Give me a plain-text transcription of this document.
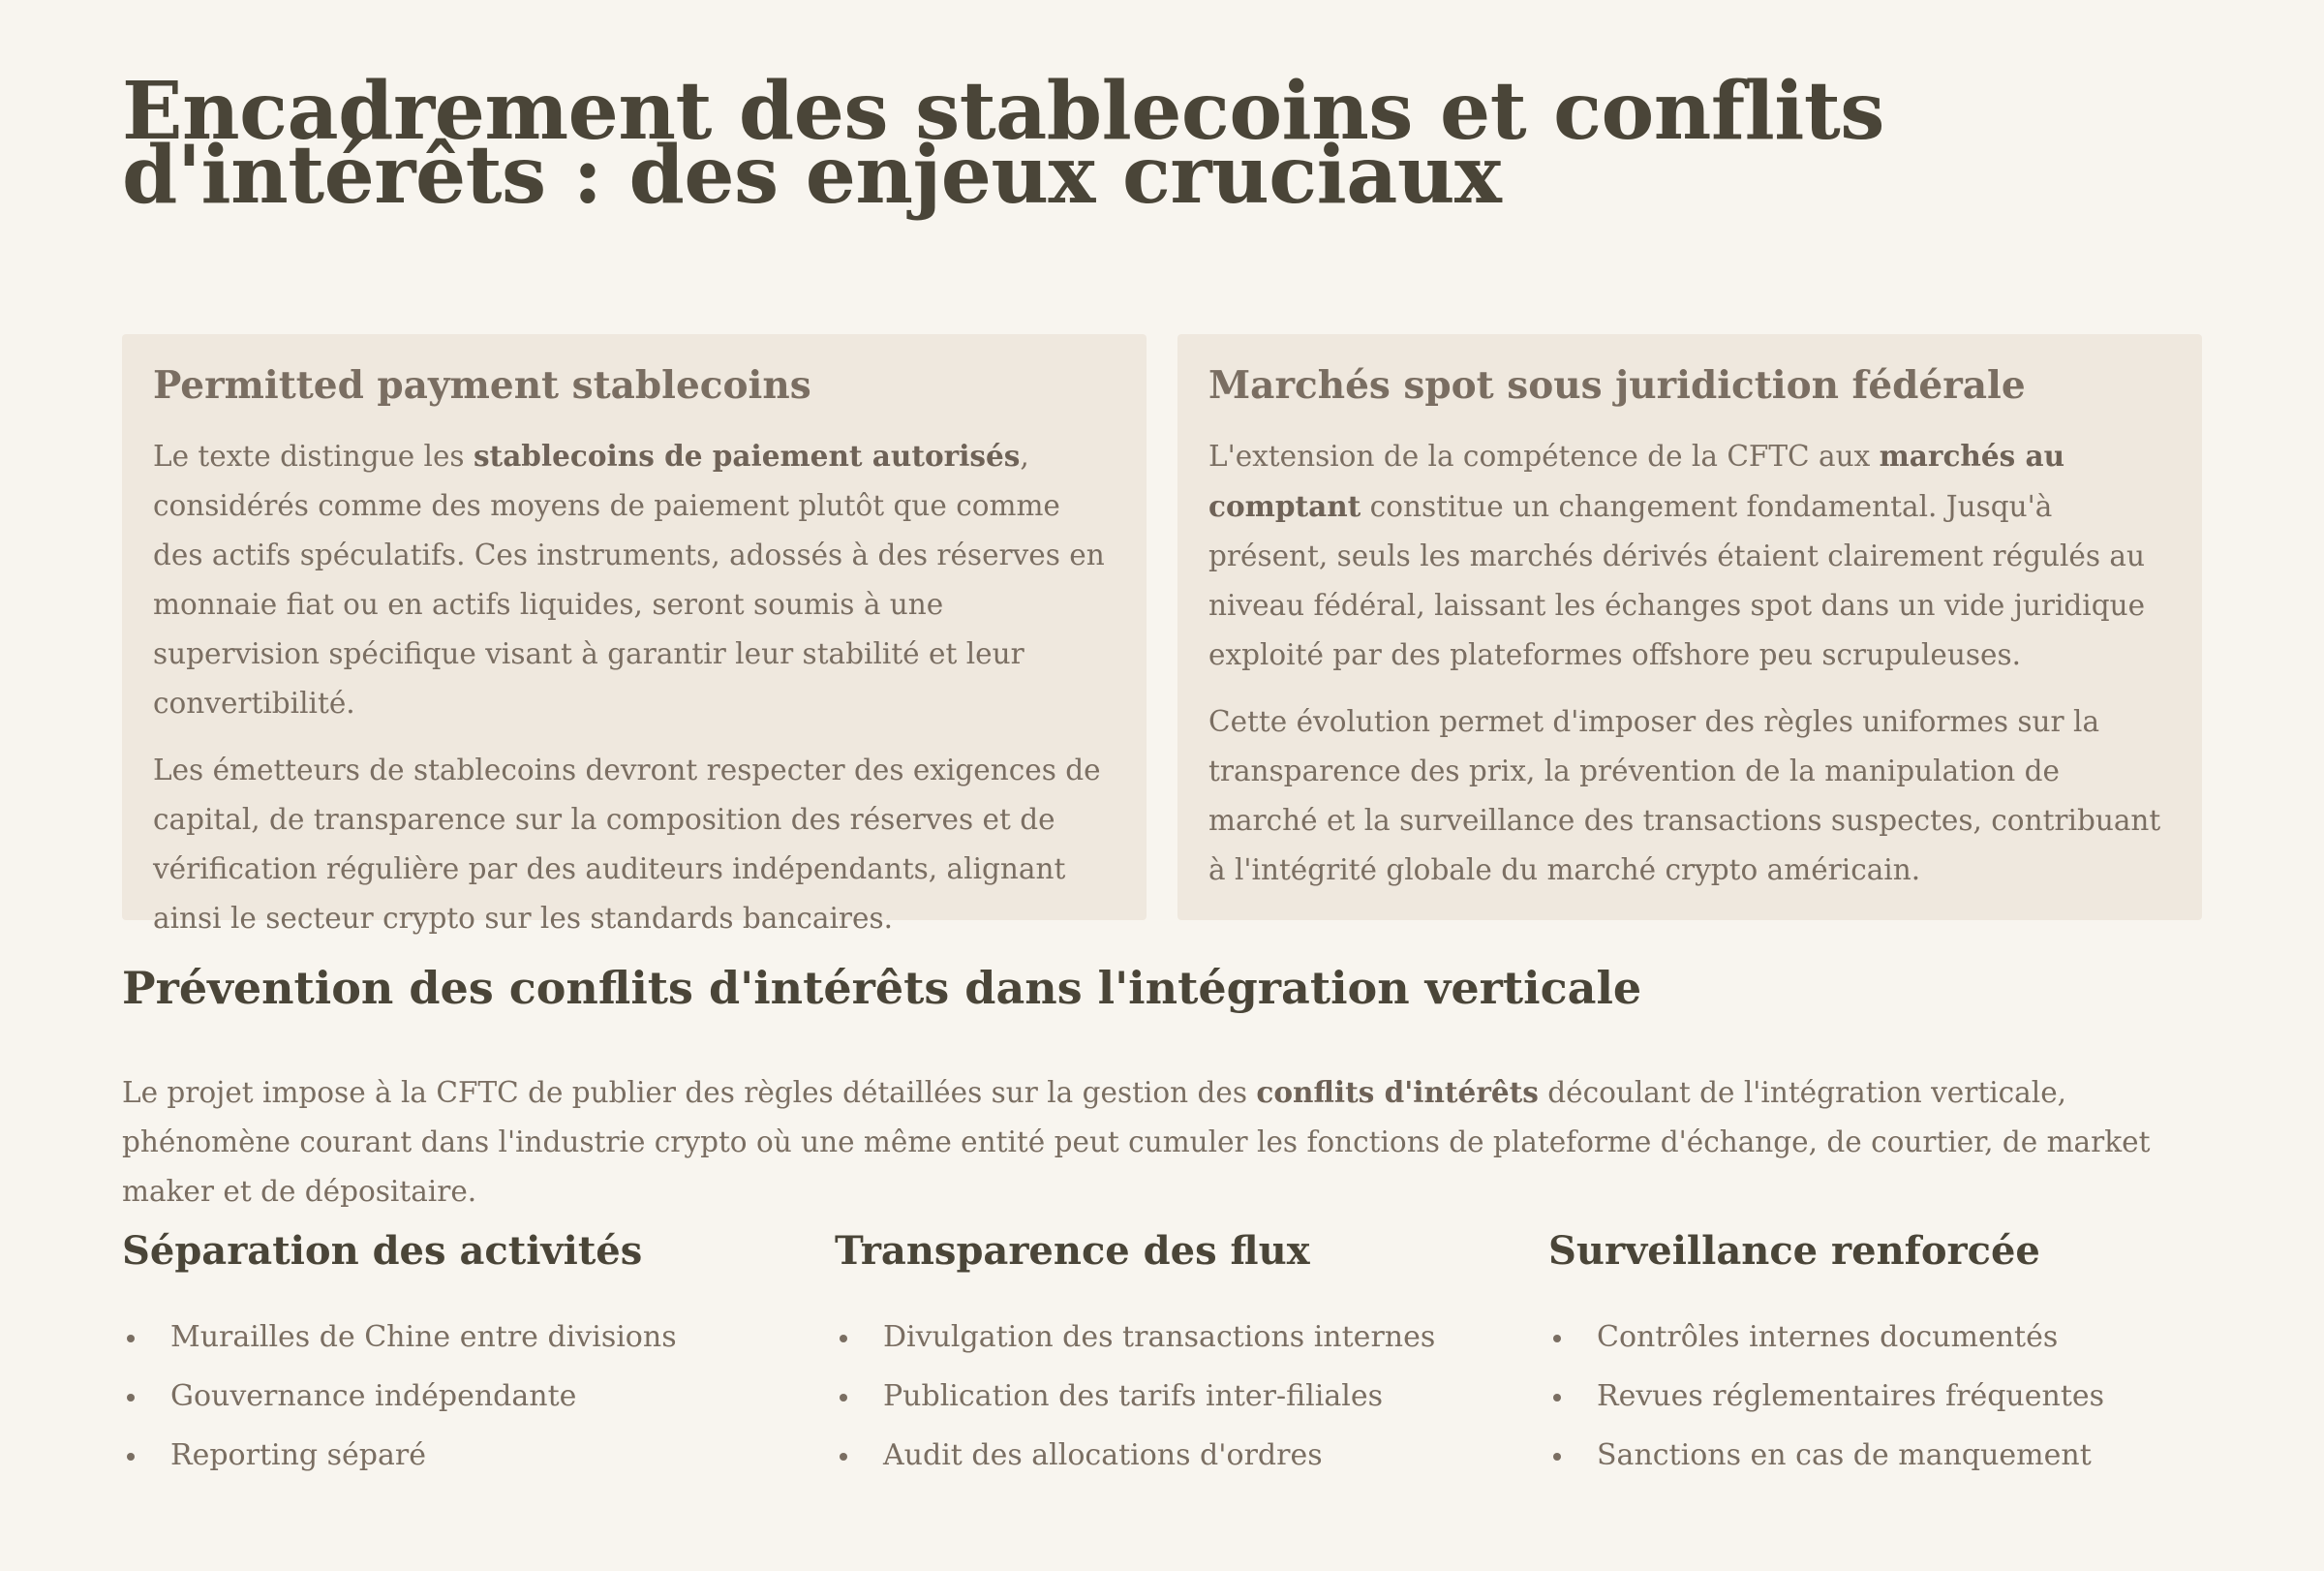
Encadrement des stablecoins et conflits d'intérêts : des enjeux cruciaux
Permitted payment stablecoins

Le texte distingue les stablecoins de paiement autorisés, considérés comme des moyens de paiement plutôt que comme des actifs spéculatifs. Ces instruments, adossés à des réserves en monnaie fiat ou en actifs liquides, seront soumis à une supervision spécifique visant à garantir leur stabilité et leur convertibilité.

Les émetteurs de stablecoins devront respecter des exigences de capital, de transparence sur la composition des réserves et de vérification régulière par des auditeurs indépendants, alignant ainsi le secteur crypto sur les standards bancaires.

Marchés spot sous juridiction fédérale

L'extension de la compétence de la CFTC aux marchés au comptant constitue un changement fondamental. Jusqu'à présent, seuls les marchés dérivés étaient clairement régulés au niveau fédéral, laissant les échanges spot dans un vide juridique exploité par des plateformes offshore peu scrupuleuses.

Cette évolution permet d'imposer des règles uniformes sur la transparence des prix, la prévention de la manipulation de marché et la surveillance des transactions suspectes, contribuant à l'intégrité globale du marché crypto américain.

Prévention des conflits d'intérêts dans l'intégration verticale

Le projet impose à la CFTC de publier des règles détaillées sur la gestion des conflits d'intérêts découlant de l'intégration verticale, phénomène courant dans l'industrie crypto où une même entité peut cumuler les fonctions de plateforme d'échange, de courtier, de market maker et de dépositaire.

Séparation des activités
Murailles de Chine entre divisions
Gouvernance indépendante
Reporting séparé
Transparence des flux
Divulgation des transactions internes
Publication des tarifs inter-filiales
Audit des allocations d'ordres
Surveillance renforcée
Contrôles internes documentés
Revues réglementaires fréquentes
Sanctions en cas de manquement
